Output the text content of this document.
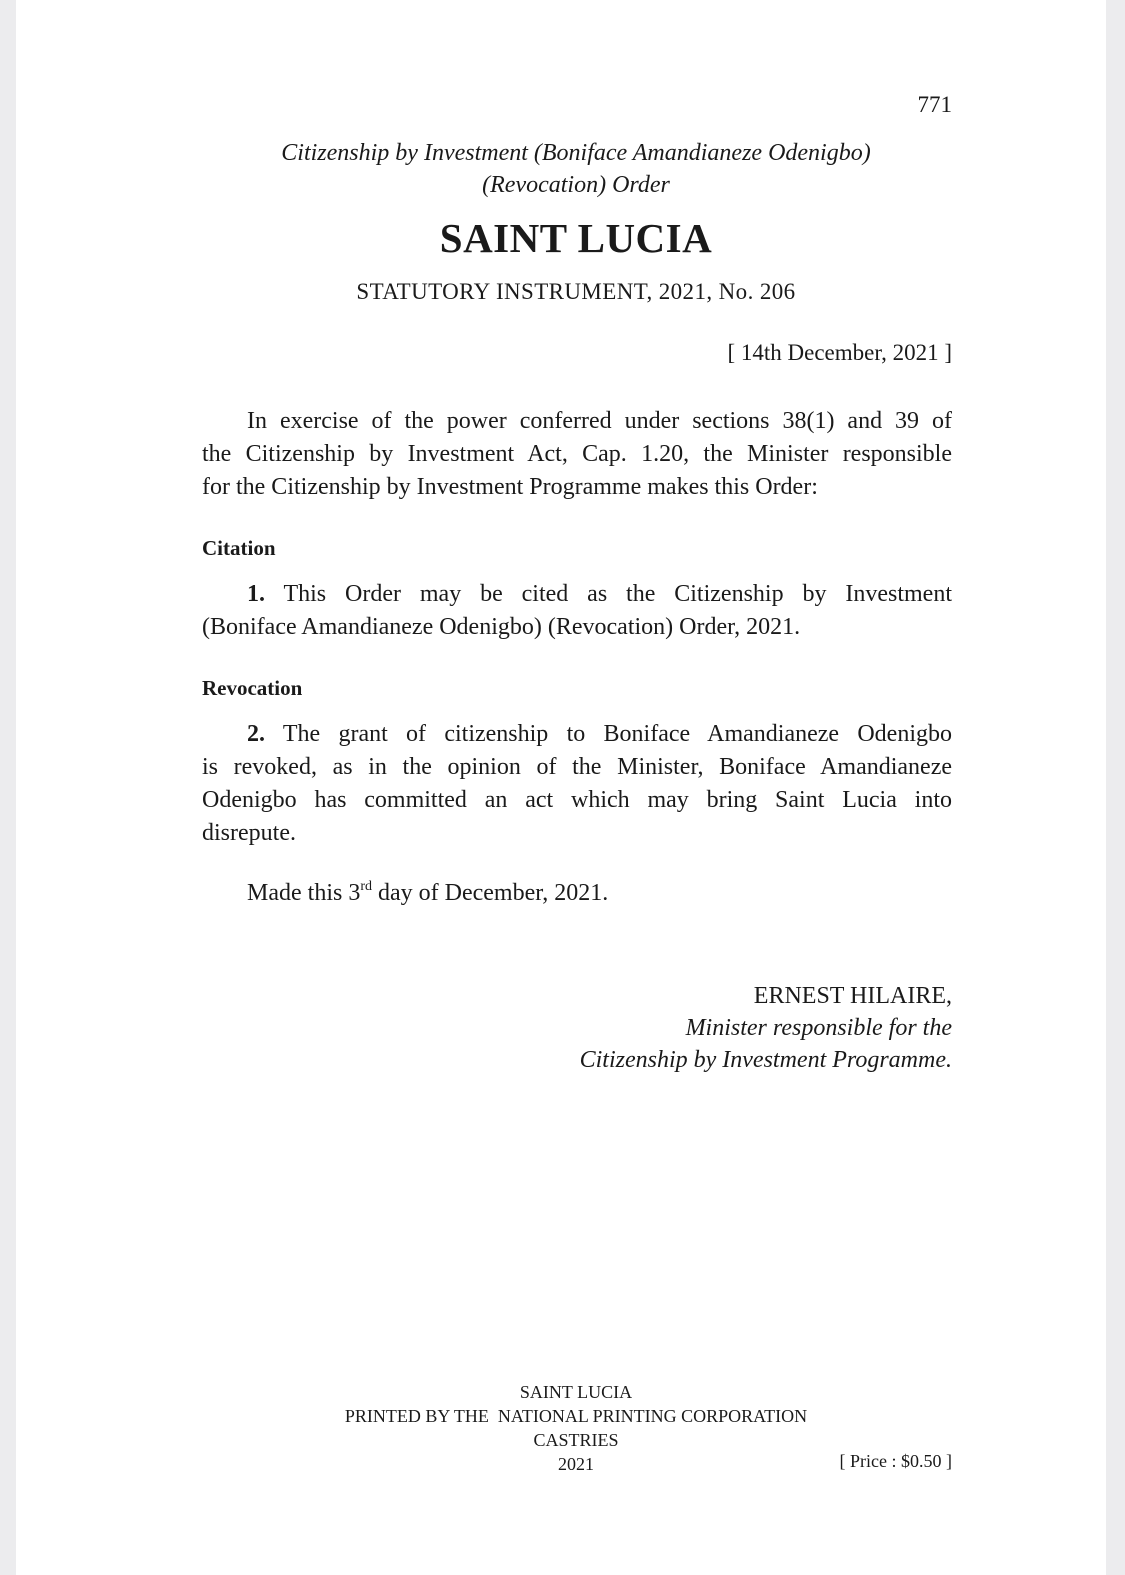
771
Citizenship by Investment (Boniface Amandianeze Odenigbo)
(Revocation) Order
SAINT LUCIA
STATUTORY INSTRUMENT, 2021, No. 206
[ 14th December, 2021 ]
In exercise of the power conferred under sections 38(1) and 39 of
the Citizenship by Investment Act, Cap. 1.20, the Minister responsible
for the Citizenship by Investment Programme makes this Order:
Citation
1. This Order may be cited as the Citizenship by Investment
(Boniface Amandianeze Odenigbo) (Revocation) Order, 2021.
Revocation
2. The grant of citizenship to Boniface Amandianeze Odenigbo
is revoked, as in the opinion of the Minister, Boniface Amandianeze
Odenigbo has committed an act which may bring Saint Lucia into
disrepute.
Made this 3rd day of December, 2021.
ERNEST HILAIRE,
Minister responsible for the
Citizenship by Investment Programme.
SAINT LUCIA
PRINTED BY THE  NATIONAL PRINTING CORPORATION
CASTRIES
2021	[ Price : $0.50 ]
